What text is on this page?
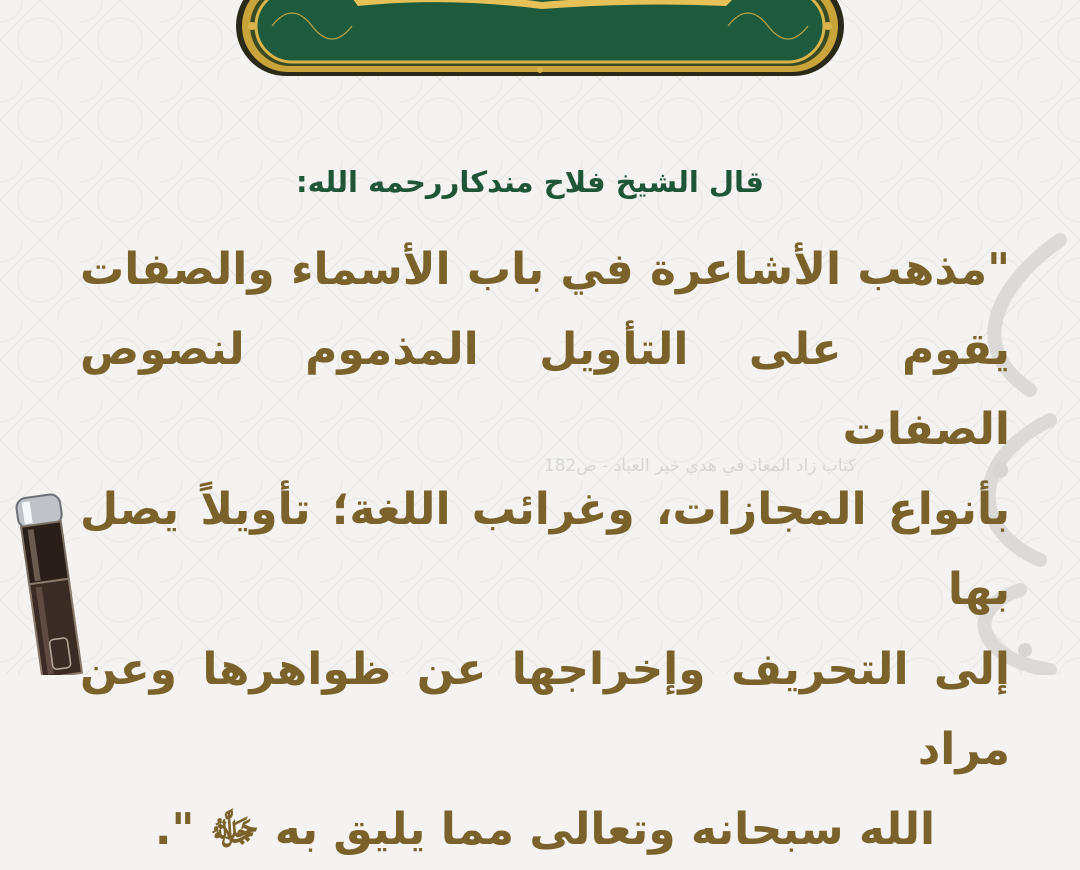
قال الشيخ فلاح مندكاررحمه الله:
كتاب زاد المعاد في هدي خير العباد - ص182
"مذهب الأشاعرة في باب الأسماء والصفات
يقوم على التأويل المذموم لنصوص الصفات
بأنواع المجازات، وغرائب اللغة؛ تأويلاً يصل بها
إلى التحريف وإخراجها عن ظواهرها وعن مراد
الله سبحانه وتعالى مما يليق به ﷻ ".
